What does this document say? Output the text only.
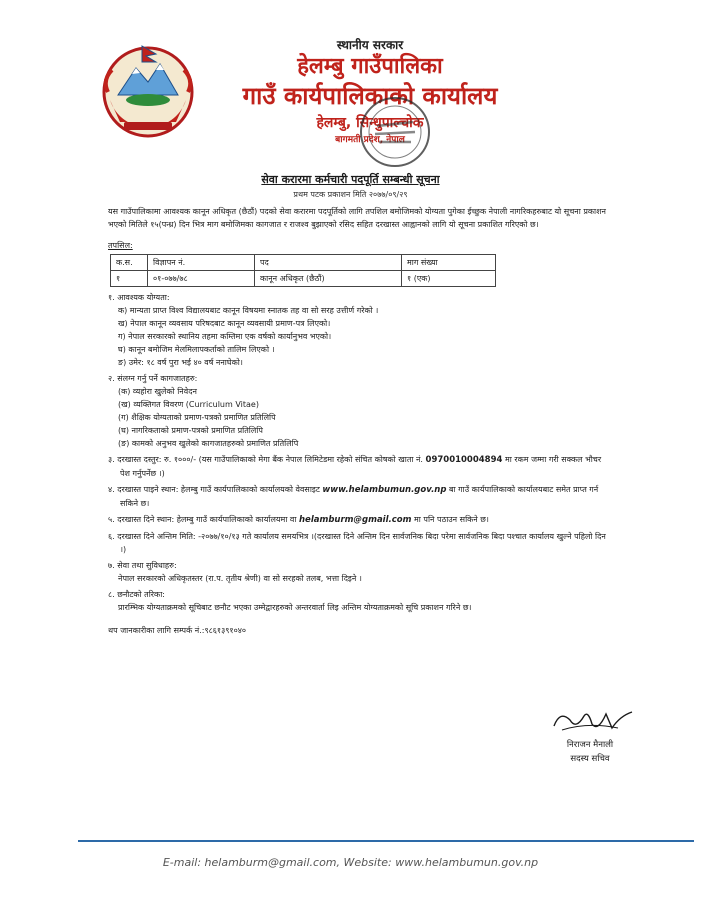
स्थानीय सरकार
हेलम्बु गाउँपालिका
गाउँ कार्यपालिकाको कार्यालय
हेलम्बु, सिन्धुपाल्चोक
बागमती प्रदेश, नेपाल
सेवा करारमा कर्मचारी पदपूर्ति सम्बन्धी सूचना
प्रथम पटक प्रकाशन मिति २०७७/०९/२९

यस गाउँपालिकामा आवश्यक कानून अधिकृत (छैठौं) पदको सेवा करारमा पदपूर्तिको लागि तपशिल बमोजिमको योग्यता पुगेका ईच्छुक नेपाली नागरिकहरुबाट यो सूचना प्रकाशन भएको मितिले १५(पन्ध्र) दिन भित्र माग बमोजिमका कागजात र राजश्व बुझाएको रसिद सहित दरखास्त आह्वानको लागि यो सूचना प्रकाशित गरिएको छ।

तपसिल:
क.स.	विज्ञापन नं.	पद	माग संख्या
१	०१-०७७/७८	कानून अधिकृत (छैठौं)	१ (एक)
१. आवश्यक योग्यता:
क) मान्यता प्राप्त विश्व विद्यालयबाट कानून विषयमा स्नातक तह वा सो सरह उत्तीर्ण गरेको ।
ख) नेपाल कानून व्यवसाय परिषदबाट कानून व्यवसायी प्रमाण-पत्र लिएको।
ग) नेपाल सरकारको स्थानिय तहमा कम्तिमा एक वर्षको कार्यानुभव भएको।
घ) कानून बमोजिम मेलमिलापकर्ताको तालिम लिएको ।
ङ) उमेर: १८ वर्ष पुरा भई ४० वर्ष ननाघेको।
२. संलग्न गर्नु पर्ने कागजातहरु:
(क) व्यहोरा खुलेको निवेदन
(ख) व्यक्तिगत विवरण (Curriculum Vitae)
(ग) शैक्षिक योग्यताको प्रमाण-पत्रको प्रमाणित प्रतिलिपि
(घ) नागरिकताको प्रमाण-पत्रको प्रमाणित प्रतिलिपि
(ङ) कामको अनुभव खुलेको कागजातहरुको प्रमाणित प्रतिलिपि
३. दरखास्त दस्तुर: रु. १०००/- (यस गाउँपालिकाको मेगा बैंक नेपाल लिमिटेडमा रहेको संचित कोषको खाता नं. 0970010004894 मा रकम जम्मा गरी सक्कल भौचर पेश गर्नुपर्नेछ ।)
४. दरखास्त पाइने स्थान: हेलम्बु गाउँ कार्यपालिकाको कार्यालयको वेवसाइट www.helambumun.gov.np बा गाउँ कार्यपालिकाको कार्यालयबाट समेत प्राप्त गर्न सकिने छ।
५. दरखास्त दिने स्थान: हेलम्बु गाउँ कार्यपालिकाको कार्यालयमा वा helamburm@gmail.com मा पनि पठाउन सकिने छ।
६. दरखास्त दिने अन्तिम मिति: -२०७७/१०/१३ गते कार्यालय समयभित्र ।(दरखास्त दिने अन्तिम दिन सार्वजनिक बिदा परेमा सार्वजनिक बिदा पश्चात कार्यालय खुल्ने पहिलो दिन ।)
७. सेवा तथा सुविधाहरु:
नेपाल सरकारको अधिकृतस्तर (रा.प. तृतीय श्रेणी) वा सो सरहको तलब, भत्ता दिइने ।
८. छनौटको तरिका:
प्रारम्भिक योग्यताक्रमको सूचिबाट छनौट भएका उम्मेद्वारहरुको अन्तरवार्ता लिइ अन्तिम योग्यताक्रमको सूचि प्रकाशन गरिने छ।
थप जानकारीका लागि सम्पर्क नं.:९८६१३९१०४०
निराजन मैनाली
सदस्य सचिव
E-mail: helamburm@gmail.com, Website: www.helambumun.gov.np
